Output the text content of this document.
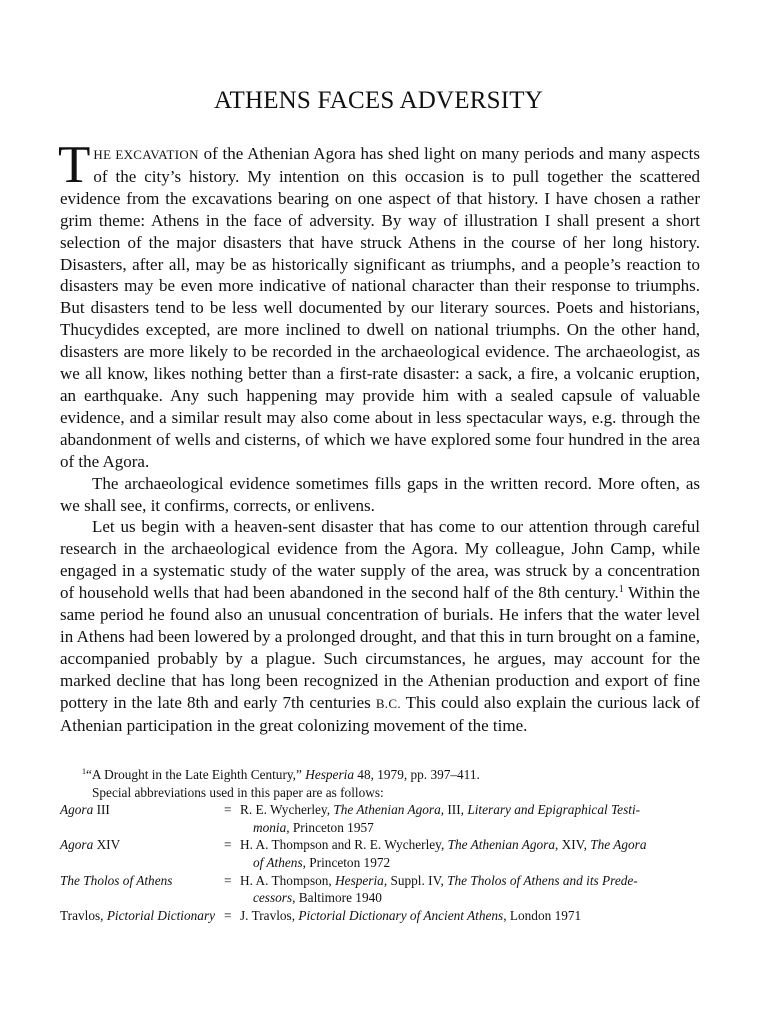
ATHENS FACES ADVERSITY

THE EXCAVATION of the Athenian Agora has shed light on many periods and many aspects of the city’s history. My intention on this occasion is to pull together the scattered evidence from the excavations bearing on one aspect of that history. I have chosen a rather grim theme: Athens in the face of adversity. By way of illustration I shall present a short selection of the major disasters that have struck Athens in the course of her long history. Disasters, after all, may be as historically significant as triumphs, and a people’s reaction to disasters may be even more indicative of national character than their response to triumphs. But disasters tend to be less well documented by our literary sources. Poets and historians, Thucydides excepted, are more inclined to dwell on national triumphs. On the other hand, disasters are more likely to be recorded in the archaeological evidence. The archaeologist, as we all know, likes nothing better than a first-rate disaster: a sack, a fire, a volcanic eruption, an earthquake. Any such happening may provide him with a sealed capsule of valuable evidence, and a similar result may also come about in less spectacular ways, e.g. through the abandonment of wells and cisterns, of which we have explored some four hundred in the area of the Agora.

The archaeological evidence sometimes fills gaps in the written record. More often, as we shall see, it confirms, corrects, or enlivens.

Let us begin with a heaven-sent disaster that has come to our attention through careful research in the archaeological evidence from the Agora. My colleague, John Camp, while engaged in a systematic study of the water supply of the area, was struck by a concentration of household wells that had been abandoned in the second half of the 8th century.$^1$ Within the same period he found also an unusual concentration of burials. He infers that the water level in Athens had been lowered by a prolonged drought, and that this in turn brought on a famine, accompanied probably by a plague. Such circumstances, he argues, may account for the marked decline that has long been recognized in the Athenian production and export of fine pottery in the late 8th and early 7th centuries B.C. This could also explain the curious lack of Athenian participation in the great colonizing movement of the time.

$^1$“A Drought in the Late Eighth Century,” Hesperia 48, 1979, pp. 397–411.

Special abbreviations used in this paper are as follows:

Agora III	=	R. E. Wycherley, The Athenian Agora, III, Literary and Epigraphical Testi-
monia, Princeton 1957

Agora XIV	=	H. A. Thompson and R. E. Wycherley, The Athenian Agora, XIV, The Agora
of Athens, Princeton 1972

The Tholos of Athens	=	H. A. Thompson, Hesperia, Suppl. IV, The Tholos of Athens and its Prede-
cessors, Baltimore 1940

Travlos, Pictorial Dictionary	=	J. Travlos, Pictorial Dictionary of Ancient Athens, London 1971
